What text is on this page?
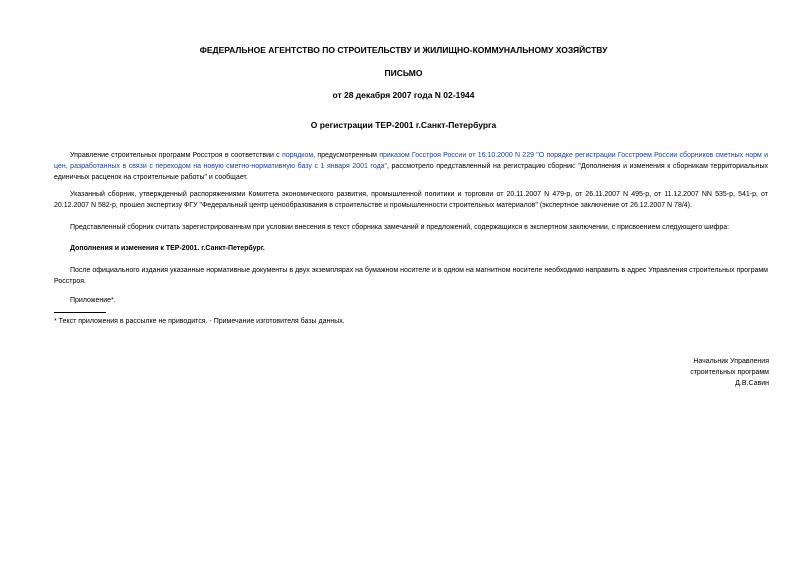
ФЕДЕРАЛЬНОЕ АГЕНТСТВО ПО СТРОИТЕЛЬСТВУ И ЖИЛИЩНО-КОММУНАЛЬНОМУ ХОЗЯЙСТВУ
ПИСЬМО
от 28 декабря 2007 года N 02-1944
О регистрации ТЕР-2001 г.Санкт-Петербурга
Управление строительных программ Росстроя в соответствии с порядком, предусмотренным приказом Госстроя России от 16.10.2000 N 229 "О порядке регистрации Госстроем России сборников сметных норм и цен, разработанных в связи с переходом на новую сметно-нормативную базу с 1 января 2001 года", рассмотрело представленный на регистрацию сборник: "Дополнения и изменения к сборникам территориальных единичных расценок на строительные работы" и сообщает.
Указанный сборник, утвержденный распоряжениями Комитета экономического развития, промышленной политики и торговли от 20.11.2007 N 479-р, от 26.11.2007 N 495-р, от 11.12.2007 NN 535-р, 541-р, от 20.12.2007 N 582-р, прошел экспертизу ФГУ "Федеральный центр ценообразования в строительстве и промышленности строительных материалов" (экспертное заключение от 26.12.2007 N 78/4).
Представленный сборник считать зарегистрированным при условии внесения в текст сборника замечаний и предложений, содержащихся в экспертном заключении, с присвоением следующего шифра:
Дополнения и изменения к ТЕР-2001. г.Санкт-Петербург.
После официального издания указанные нормативные документы в двух экземплярах на бумажном носителе и в одном на магнитном носителе необходимо направить в адрес Управления строительных программ Росстроя.
Приложение*.
* Текст приложения в рассылке не приводится. - Примечание изготовителя базы данных.
Начальник Управления
строительных программ
Д.В.Савин
